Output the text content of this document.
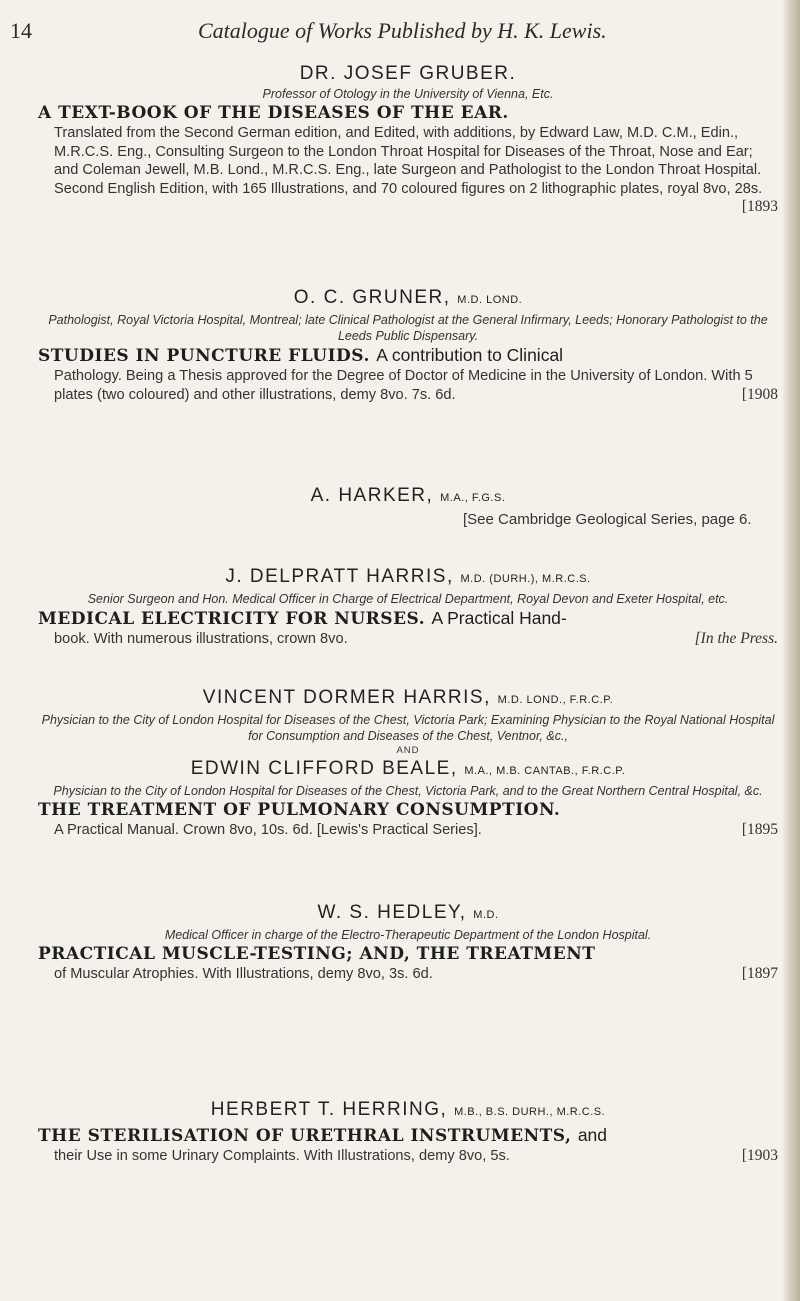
14	Catalogue of Works Published by H. K. Lewis.
DR. JOSEF GRUBER.
Professor of Otology in the University of Vienna, Etc.
A TEXT-BOOK OF THE DISEASES OF THE EAR.
Translated from the Second German edition, and Edited, with additions, by Edward Law, M.D. C.M., Edin., M.R.C.S. Eng., Consulting Surgeon to the London Throat Hospital for Diseases of the Throat, Nose and Ear; and Coleman Jewell, M.B. Lond., M.R.C.S. Eng., late Surgeon and Pathologist to the London Throat Hospital. Second English Edition, with 165 Illustrations, and 70 coloured figures on 2 lithographic plates, royal 8vo, 28s.
[1893
O. C. GRUNER, M.D. LOND.
Pathologist, Royal Victoria Hospital, Montreal; late Clinical Pathologist at the General Infirmary, Leeds; Honorary Pathologist to the Leeds Public Dispensary.
STUDIES IN PUNCTURE FLUIDS. A contribution to Clinical
Pathology. Being a Thesis approved for the Degree of Doctor of Medicine in the University of London. With 5 plates (two coloured) and other illustrations, demy 8vo. 7s. 6d.	[1908
A. HARKER, M.A., F.G.S.
[See Cambridge Geological Series, page 6.
J. DELPRATT HARRIS, M.D. (DURH.), M.R.C.S.
Senior Surgeon and Hon. Medical Officer in Charge of Electrical Department, Royal Devon and Exeter Hospital, etc.
MEDICAL ELECTRICITY FOR NURSES. A Practical Hand-
book. With numerous illustrations, crown 8vo.	[In the Press.
VINCENT DORMER HARRIS, M.D. LOND., F.R.C.P.
Physician to the City of London Hospital for Diseases of the Chest, Victoria Park; Examining Physician to the Royal National Hospital for Consumption and Diseases of the Chest, Ventnor, &c.,
AND
EDWIN CLIFFORD BEALE, M.A., M.B. CANTAB., F.R.C.P.
Physician to the City of London Hospital for Diseases of the Chest, Victoria Park, and to the Great Northern Central Hospital, &c.
THE TREATMENT OF PULMONARY CONSUMPTION.
A Practical Manual. Crown 8vo, 10s. 6d. [Lewis's Practical Series].	[1895
W. S. HEDLEY, M.D.
Medical Officer in charge of the Electro-Therapeutic Department of the London Hospital.
PRACTICAL MUSCLE-TESTING; AND, THE TREATMENT
of Muscular Atrophies. With Illustrations, demy 8vo, 3s. 6d.	[1897
HERBERT T. HERRING, M.B., B.S. DURH., M.R.C.S.
THE STERILISATION OF URETHRAL INSTRUMENTS, and
their Use in some Urinary Complaints. With Illustrations, demy 8vo, 5s.	[1903
